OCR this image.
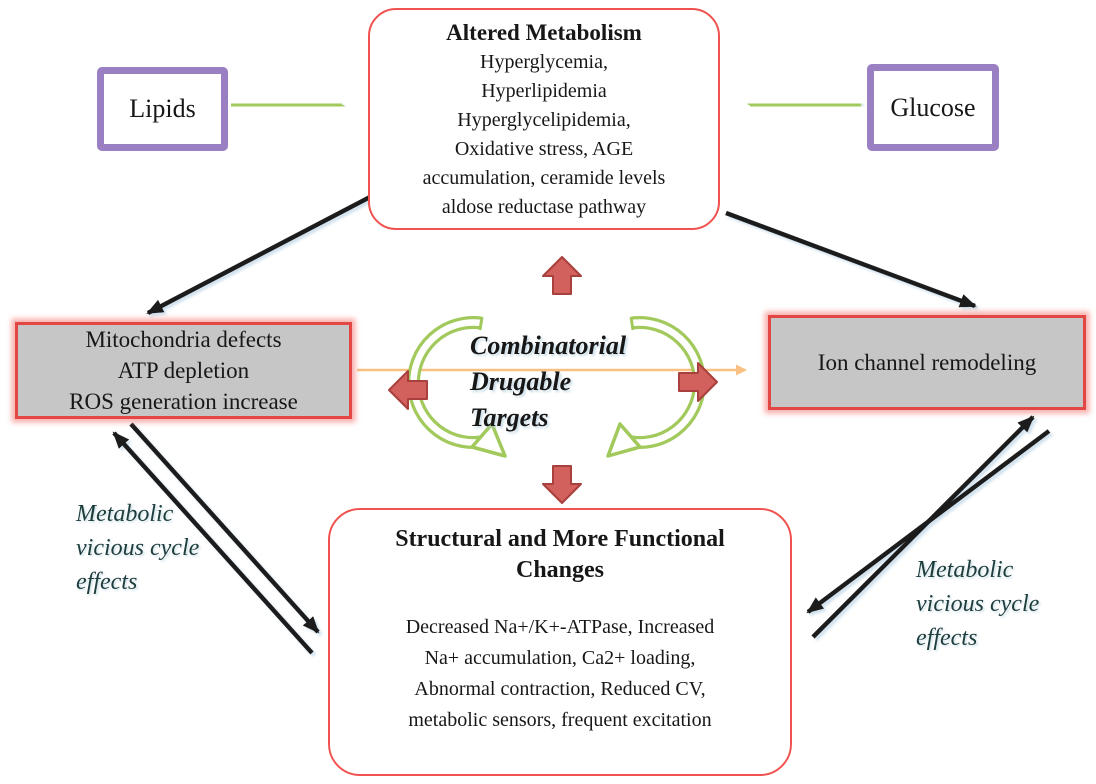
Altered Metabolism
Hyperglycemia,
Hyperlipidemia
Hyperglycelipidemia,
Oxidative stress, AGE
accumulation, ceramide levels
aldose reductase pathway
Lipids	Glucose
Mitochondria defects
ATP depletion
ROS generation increase
Ion channel remodeling
Combinatorial
Drugable
Targets
Structural and More Functional
Changes
Decreased Na+/K+-ATPase, Increased
Na+ accumulation, Ca2+ loading,
Abnormal contraction, Reduced CV,
metabolic sensors, frequent excitation
Metabolic
vicious cycle
effects	Metabolic
vicious cycle
effects
